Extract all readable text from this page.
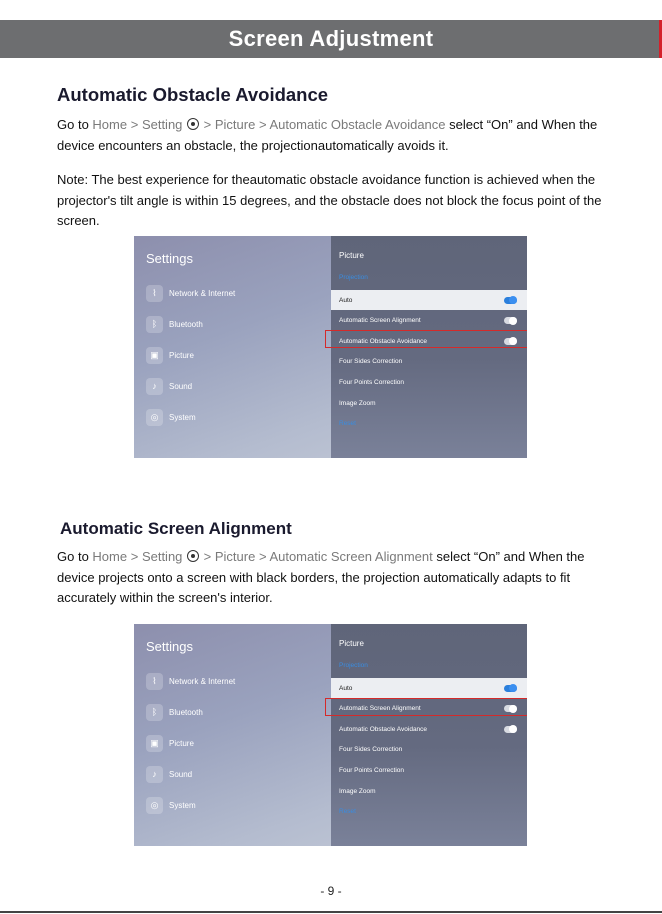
Screen Adjustment
Automatic Obstacle Avoidance
Go to Home > Setting  > Picture > Automatic Obstacle Avoidance select “On” and When the device encounters an obstacle, the projectionautomatically avoids it.
Note: The best experience for theautomatic obstacle avoidance function is achieved when the projector's tilt angle is within 15 degrees, and the obstacle does not block the focus point of the screen.
Settings
⌇	Network & Internet
ᛒ	Bluetooth
▣	Picture
♪	Sound
◎	System
Picture
Projection
Auto
Automatic Screen Alignment
Automatic Obstacle Avoidance
Four Sides Correction
Four Points Correction
Image Zoom
Reset
Automatic Screen Alignment
Go to Home > Setting  > Picture > Automatic Screen Alignment select “On” and When the device projects onto a screen with black borders, the projection automatically adapts to fit accurately within the screen's interior.
Settings
⌇	Network & Internet
ᛒ	Bluetooth
▣	Picture
♪	Sound
◎	System
Picture
Projection
Auto
Automatic Screen Alignment
Automatic Obstacle Avoidance
Four Sides Correction
Four Points Correction
Image Zoom
Reset
- 9 -
